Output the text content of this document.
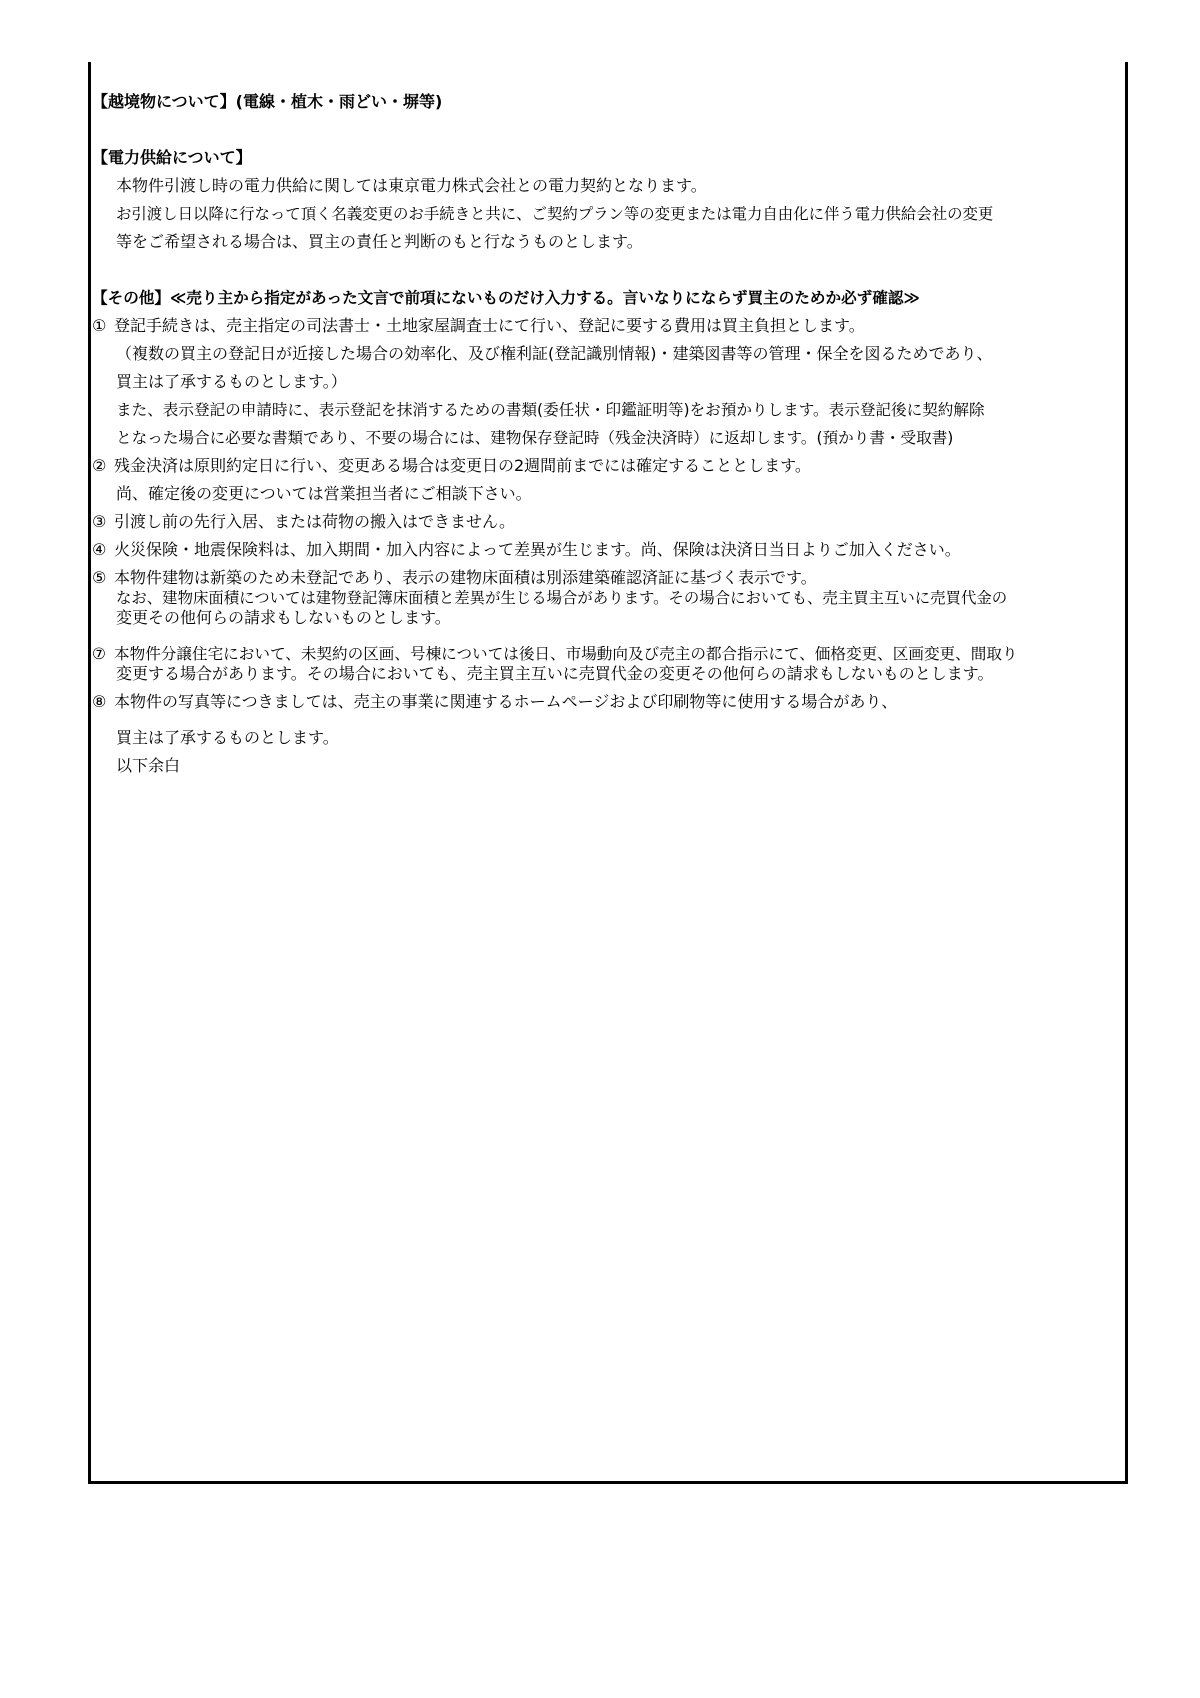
【越境物について】(電線・植木・雨どい・塀等)
【電力供給について】
本物件引渡し時の電力供給に関しては東京電力株式会社との電力契約となります。
お引渡し日以降に行なって頂く名義変更のお手続きと共に、ご契約プラン等の変更または電力自由化に伴う電力供給会社の変更
等をご希望される場合は、買主の責任と判断のもと行なうものとします。
【その他】≪売り主から指定があった文言で前項にないものだけ入力する。言いなりにならず買主のためか必ず確認≫
① 登記手続きは、売主指定の司法書士・土地家屋調査士にて行い、登記に要する費用は買主負担とします。
（複数の買主の登記日が近接した場合の効率化、及び権利証(登記識別情報)・建築図書等の管理・保全を図るためであり、
買主は了承するものとします。）
また、表示登記の申請時に、表示登記を抹消するための書類(委任状・印鑑証明等)をお預かりします。表示登記後に契約解除
となった場合に必要な書類であり、不要の場合には、建物保存登記時（残金決済時）に返却します。(預かり書・受取書)
② 残金決済は原則約定日に行い、変更ある場合は変更日の2週間前までには確定することとします。
尚、確定後の変更については営業担当者にご相談下さい。
③ 引渡し前の先行入居、または荷物の搬入はできません。
④ 火災保険・地震保険料は、加入期間・加入内容によって差異が生じます。尚、保険は決済日当日よりご加入ください。
⑤ 本物件建物は新築のため未登記であり、表示の建物床面積は別添建築確認済証に基づく表示です。
なお、建物床面積については建物登記簿床面積と差異が生じる場合があります。その場合においても、売主買主互いに売買代金の
変更その他何らの請求もしないものとします。
⑦ 本物件分譲住宅において、未契約の区画、号棟については後日、市場動向及び売主の都合指示にて、価格変更、区画変更、間取り
変更する場合があります。その場合においても、売主買主互いに売買代金の変更その他何らの請求もしないものとします。
⑧ 本物件の写真等につきましては、売主の事業に関連するホームページおよび印刷物等に使用する場合があり、
買主は了承するものとします。
以下余白
